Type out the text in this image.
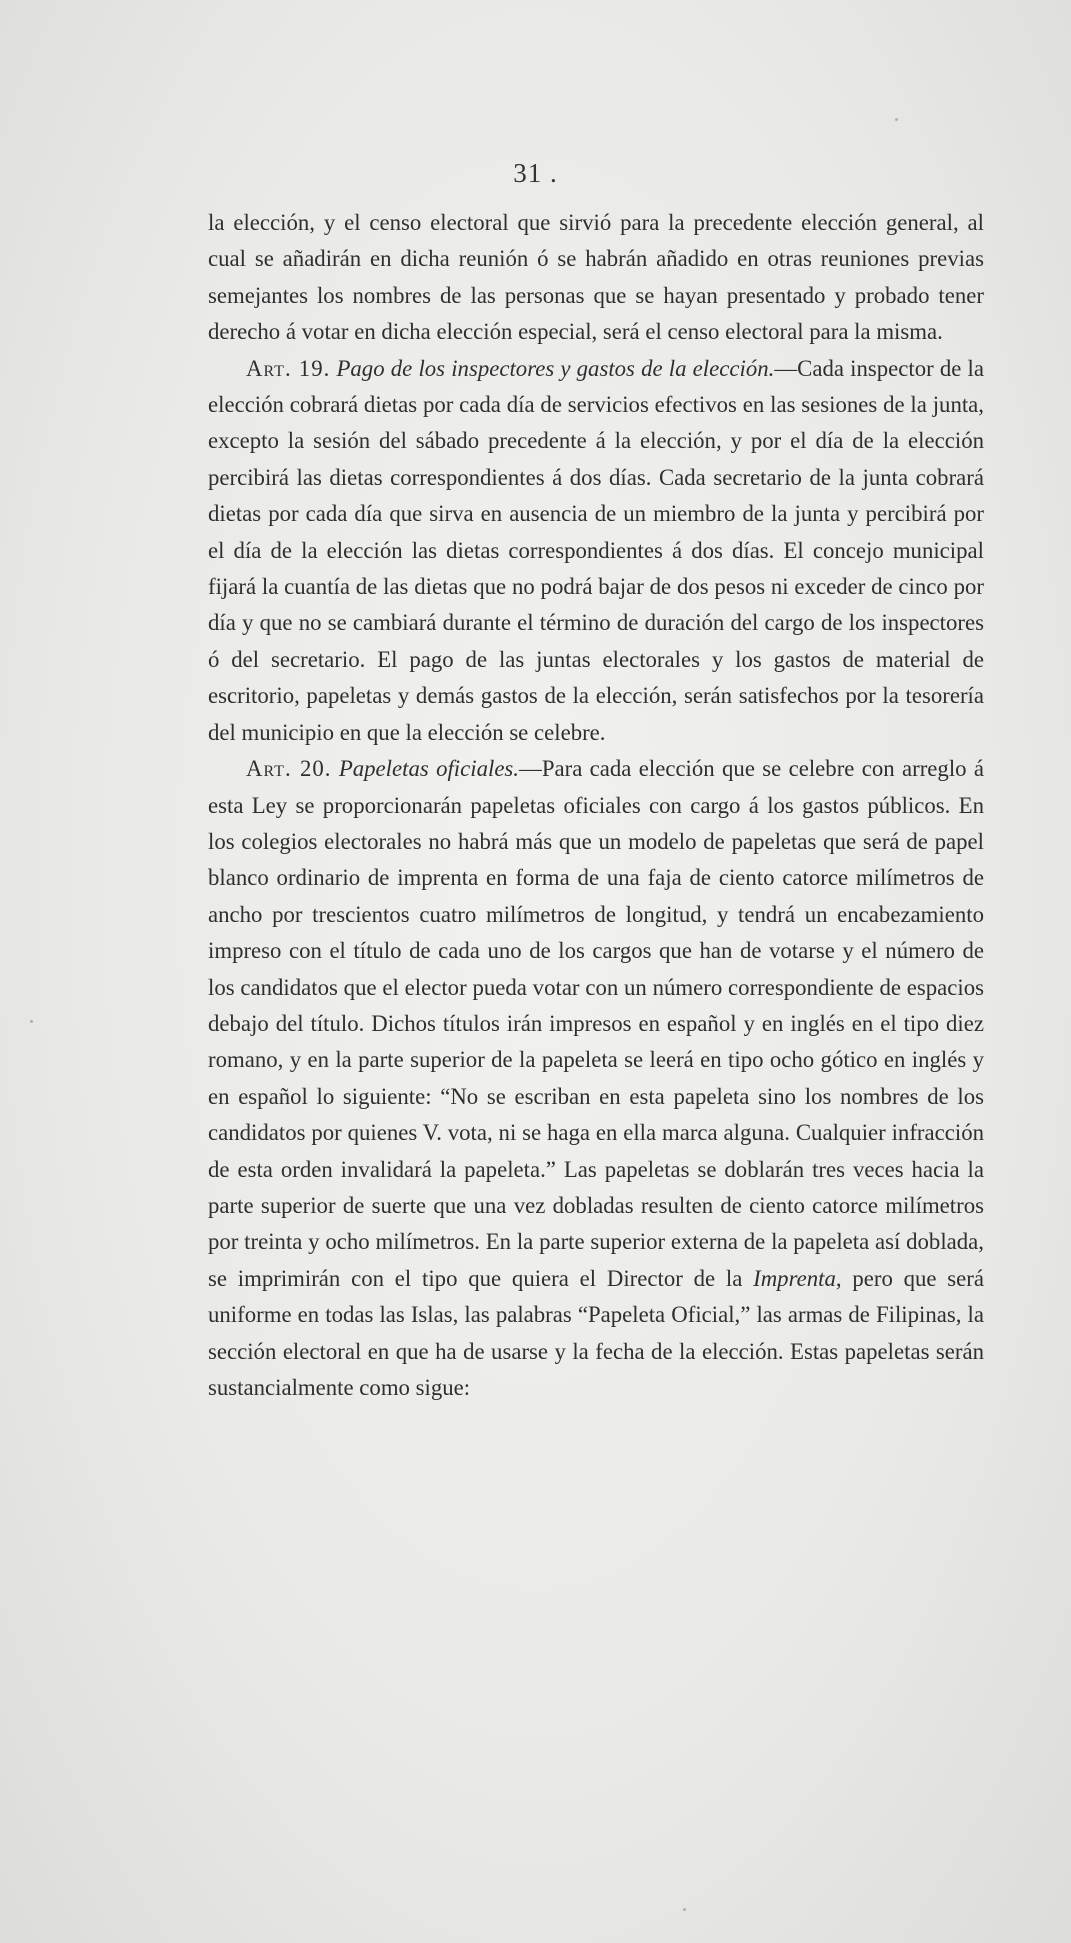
31 .

la elección, y el censo electoral que sirvió para la precedente elección general, al cual se añadirán en dicha reunión ó se habrán añadido en otras reuniones previas semejantes los nombres de las personas que se hayan presentado y probado tener derecho á votar en dicha elección especial, será el censo electoral para la misma.

Art. 19. Pago de los inspectores y gastos de la elección.—Cada inspector de la elección cobrará dietas por cada día de servicios efectivos en las sesiones de la junta, excepto la sesión del sábado precedente á la elección, y por el día de la elección percibirá las dietas correspondientes á dos días. Cada secretario de la junta cobrará dietas por cada día que sirva en ausencia de un miembro de la junta y percibirá por el día de la elección las dietas correspondientes á dos días. El concejo municipal fijará la cuantía de las dietas que no podrá bajar de dos pesos ni exceder de cinco por día y que no se cambiará durante el término de duración del cargo de los inspectores ó del secretario. El pago de las juntas electorales y los gastos de material de escritorio, papeletas y demás gastos de la elección, serán satisfechos por la tesorería del municipio en que la elección se celebre.

Art. 20. Papeletas oficiales.—Para cada elección que se celebre con arreglo á esta Ley se proporcionarán papeletas oficiales con cargo á los gastos públicos. En los colegios electorales no habrá más que un modelo de papeletas que será de papel blanco ordinario de imprenta en forma de una faja de ciento catorce milímetros de ancho por trescientos cuatro milímetros de longitud, y tendrá un encabezamiento impreso con el título de cada uno de los cargos que han de votarse y el número de los candidatos que el elector pueda votar con un número correspondiente de espacios debajo del título. Dichos títulos irán impresos en español y en inglés en el tipo diez romano, y en la parte superior de la papeleta se leerá en tipo ocho gótico en inglés y en español lo siguiente: “No se escriban en esta papeleta sino los nombres de los candidatos por quienes V. vota, ni se haga en ella marca alguna. Cualquier infracción de esta orden invalidará la papeleta.” Las papeletas se doblarán tres veces hacia la parte superior de suerte que una vez dobladas resulten de ciento catorce milímetros por treinta y ocho milímetros. En la parte superior externa de la papeleta así doblada, se imprimirán con el tipo que quiera el Director de la Imprenta, pero que será uniforme en todas las Islas, las palabras “Papeleta Oficial,” las armas de Filipinas, la sección electoral en que ha de usarse y la fecha de la elección. Estas papeletas serán sustancialmente como sigue:
